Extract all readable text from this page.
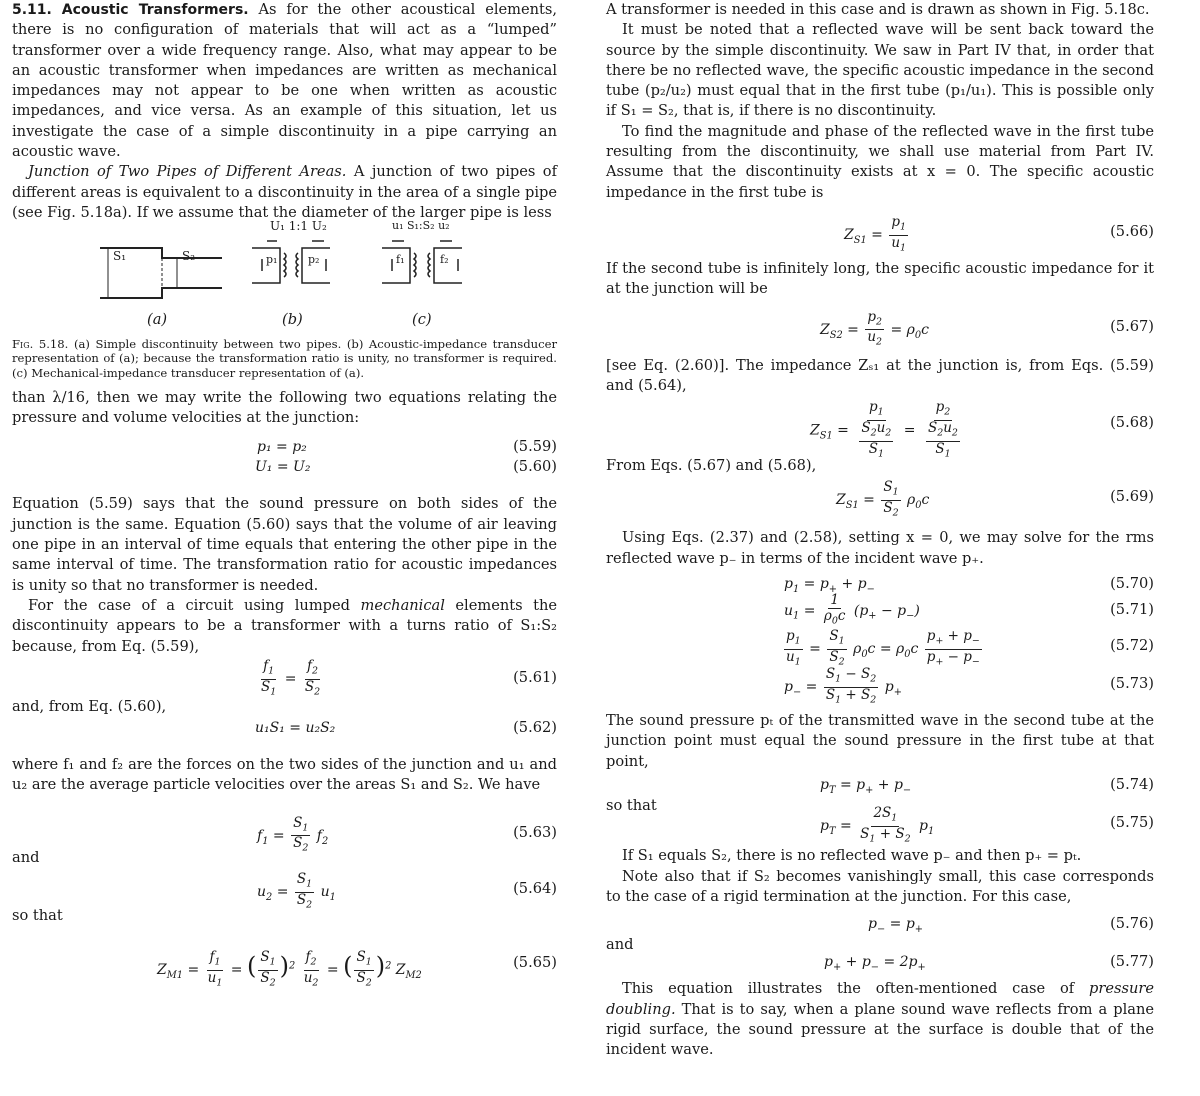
5.11. Acoustic Transformers. As for the other acoustical elements, there is no configuration of materials that will act as a “lumped” transformer over a wide frequency range. Also, what may appear to be an acoustic transformer when impedances are written as mechanical impedances may not appear to be one when written as acoustic impedances, and vice versa. As an example of this situation, let us investigate the case of a simple discontinuity in a pipe carrying an acoustic wave.

Junction of Two Pipes of Different Areas. A junction of two pipes of different areas is equivalent to a discontinuity in the area of a single pipe (see Fig. 5.18a). If we assume that the diameter of the larger pipe is less

S₁	S₂
U₁ 1:1 U₂
p₁	p₂
u₁ S₁:S₂ u₂
f₁	f₂
(a)	(b)	(c)

Fig. 5.18. (a) Simple discontinuity between two pipes. (b) Acoustic-impedance transducer representation of (a); because the transformation ratio is unity, no transformer is required. (c) Mechanical-impedance transducer representation of (a).

than λ/16, then we may write the following two equations relating the pressure and volume velocities at the junction:

p₁ = p₂	(5.59)
U₁ = U₂	(5.60)

Equation (5.59) says that the sound pressure on both sides of the junction is the same. Equation (5.60) says that the volume of air leaving one pipe in an interval of time equals that entering the other pipe in the same interval of time. The transformation ratio for acoustic impedances is unity so that no transformer is needed.

For the case of a circuit using lumped mechanical elements the discontinuity appears to be a transformer with a turns ratio of S₁:S₂ because, from Eq. (5.59),

$\frac{f_1}{S_1} = \frac{f_2}{S_2}$	(5.61)

and, from Eq. (5.60),

u₁S₁ = u₂S₂	(5.62)

where f₁ and f₂ are the forces on the two sides of the junction and u₁ and u₂ are the average particle velocities over the areas S₁ and S₂. We have

$f_1 = \frac{S_1}{S_2} f_2$
(5.63)

and

$u_2 = \frac{S_1}{S_2} u_1$
(5.64)

so that

$Z_{M1} = \frac{f_1}{u_1}$ = ( $\frac{S_1}{S_2} )^2 \frac{f_2}{u_2}$ = ( $\frac{S_1}{S_2} )^2$ $Z_{M2}$
(5.65)

A transformer is needed in this case and is drawn as shown in Fig. 5.18c.

It must be noted that a reflected wave will be sent back toward the source by the simple discontinuity. We saw in Part IV that, in order that there be no reflected wave, the specific acoustic impedance in the second tube (p₂/u₂) must equal that in the first tube (p₁/u₁). This is possible only if S₁ = S₂, that is, if there is no discontinuity.

To find the magnitude and phase of the reflected wave in the first tube resulting from the discontinuity, we shall use material from Part IV. Assume that the discontinuity exists at x = 0. The specific acoustic impedance in the first tube is

$Z_{S1} = \frac{p_1}{u_1}$	(5.66)

If the second tube is infinitely long, the specific acoustic impedance for it at the junction will be

$Z_{S2} = \frac{p_2}{u_2} = \rho_0c$	(5.67)

[see Eq. (2.60)]. The impedance Zₛ₁ at the junction is, from Eqs. (5.59) and (5.64),

$Z_{S1} = \frac{p_1}{\frac{S_2u_2}{S_1}} = \frac{p_2}{\frac{S_2u_2}{S_1}}$	(5.68)

From Eqs. (5.67) and (5.68),

$Z_{S1} = \frac{S_1}{S_2} \rho_0c$	(5.69)

Using Eqs. (2.37) and (2.58), setting x = 0, we may solve for the rms reflected wave p₋ in terms of the incident wave p₊.

$p_1 = p_+ + p_-$	(5.70)
$u_1 = \frac{1}{\rho_0c} (p_+ - p_-)$	(5.71)
$\frac{p_1}{u_1} = \frac{S_1}{S_2} \rho_0c = \rho_0c \frac{p_+ + p_-}{p_+ - p_-}$	(5.72)
$p_- = \frac{S_1 - S_2}{S_1 + S_2} p_+$
(5.73)

The sound pressure pₜ of the transmitted wave in the second tube at the junction point must equal the sound pressure in the first tube at that point,

$p_T = p_+ + p_-$	(5.74)

so that

$p_T = \frac{2S_1}{S_1 + S_2} p_1$
(5.75)

If S₁ equals S₂, there is no reflected wave p₋ and then p₊ = pₜ.

Note also that if S₂ becomes vanishingly small, this case corresponds to the case of a rigid termination at the junction. For this case,

$p_- = p_+$	(5.76)

and

$p_+ + p_- = 2p_+$	(5.77)

This equation illustrates the often-mentioned case of pressure doubling. That is to say, when a plane sound wave reflects from a plane rigid surface, the sound pressure at the surface is double that of the incident wave.
